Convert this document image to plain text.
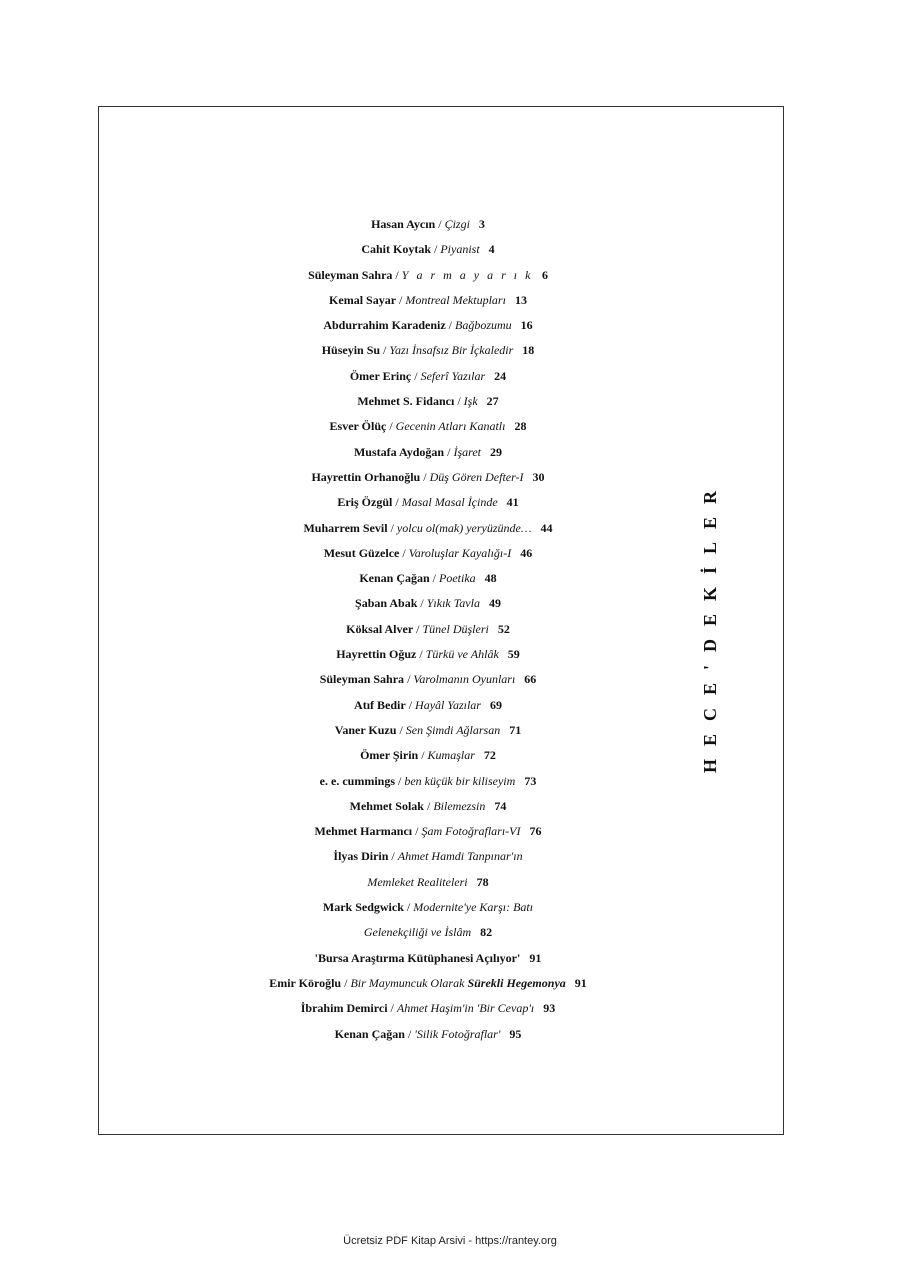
Hasan Aycın / Çizgi 3
Cahit Koytak / Piyanist 4
Süleyman Sahra / Y a r m a y a r ı k 6
Kemal Sayar / Montreal Mektupları 13
Abdurrahim Karadeniz / Bağbozumu 16
Hüseyin Su / Yazı İnsafsız Bir İçkaledir 18
Ömer Erinç / Seferî Yazılar 24
Mehmet S. Fidancı / Işk 27
Esver Ölüç / Gecenin Atları Kanatlı 28
Mustafa Aydoğan / İşaret 29
Hayrettin Orhanoğlu / Düş Gören Defter-I 30
Eriş Özgül / Masal Masal İçinde 41
Muharrem Sevil / yolcu ol(mak) yeryüzünde… 44
Mesut Güzelce / Varoluşlar Kayalığı-I 46
Kenan Çağan / Poetika 48
Şaban Abak / Yıkık Tavla 49
Köksal Alver / Tünel Düşleri 52
Hayrettin Oğuz / Türkü ve Ahlâk 59
Süleyman Sahra / Varolmanın Oyunları 66
Atıf Bedir / Hayâl Yazılar 69
Vaner Kuzu / Sen Şimdi Ağlarsan 71
Ömer Şirin / Kumaşlar 72
e. e. cummings / ben küçük bir kiliseyim 73
Mehmet Solak / Bilemezsin 74
Mehmet Harmancı / Şam Fotoğrafları-VI 76
İlyas Dirin / Ahmet Hamdi Tanpınar'ın
Memleket Realiteleri 78
Mark Sedgwick / Modernite'ye Karşı: Batı
Gelenekçiliği ve İslâm 82
'Bursa Araştırma Kütüphanesi Açılıyor' 91
Emir Köroğlu / Bir Maymuncuk Olarak Sürekli Hegemonya 91
İbrahim Demirci / Ahmet Haşim'in 'Bir Cevap'ı 93
Kenan Çağan / 'Silik Fotoğraflar' 95
HECE'DEKİLER
Ücretsiz PDF Kitap Arsivi - https://rantey.org
